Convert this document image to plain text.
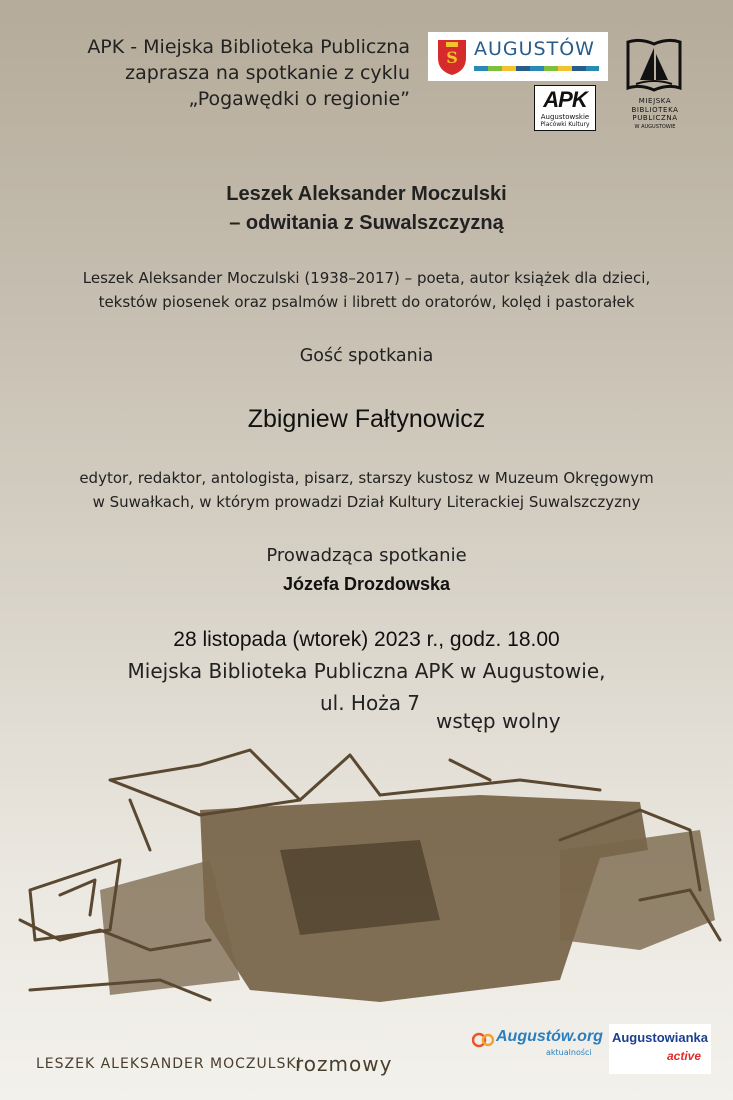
APK - Miejska Biblioteka Publiczna
zaprasza na spotkanie z cyklu
„Pogawędki o regionie”
S AUGUSTÓW
APK
Augustowskie
Placówki Kultury
MIEJSKA
BIBLIOTEKA
PUBLICZNA
W AUGUSTOWIE
Leszek Aleksander Moczulski
– odwitania z Suwalszczyzną
Leszek Aleksander Moczulski (1938–2017) – poeta, autor książek dla dzieci,
tekstów piosenek oraz psalmów i librett do oratorów, kolęd i pastorałek
Gość spotkania
Zbigniew Fałtynowicz
edytor, redaktor, antologista, pisarz, starszy kustosz w Muzeum Okręgowym
w Suwałkach, w którym prowadzi Dział Kultury Literackiej Suwalszczyzny
Prowadząca spotkanie
Józefa Drozdowska
28 listopada (wtorek) 2023 r., godz. 18.00
Miejska Biblioteka Publiczna APK w Augustowie,
ul. Hoża 7
wstęp wolny
LESZEK ALEKSANDER MOCZULSKI
rozmowy
Augustów.org
aktualności
Augustowianka
active
